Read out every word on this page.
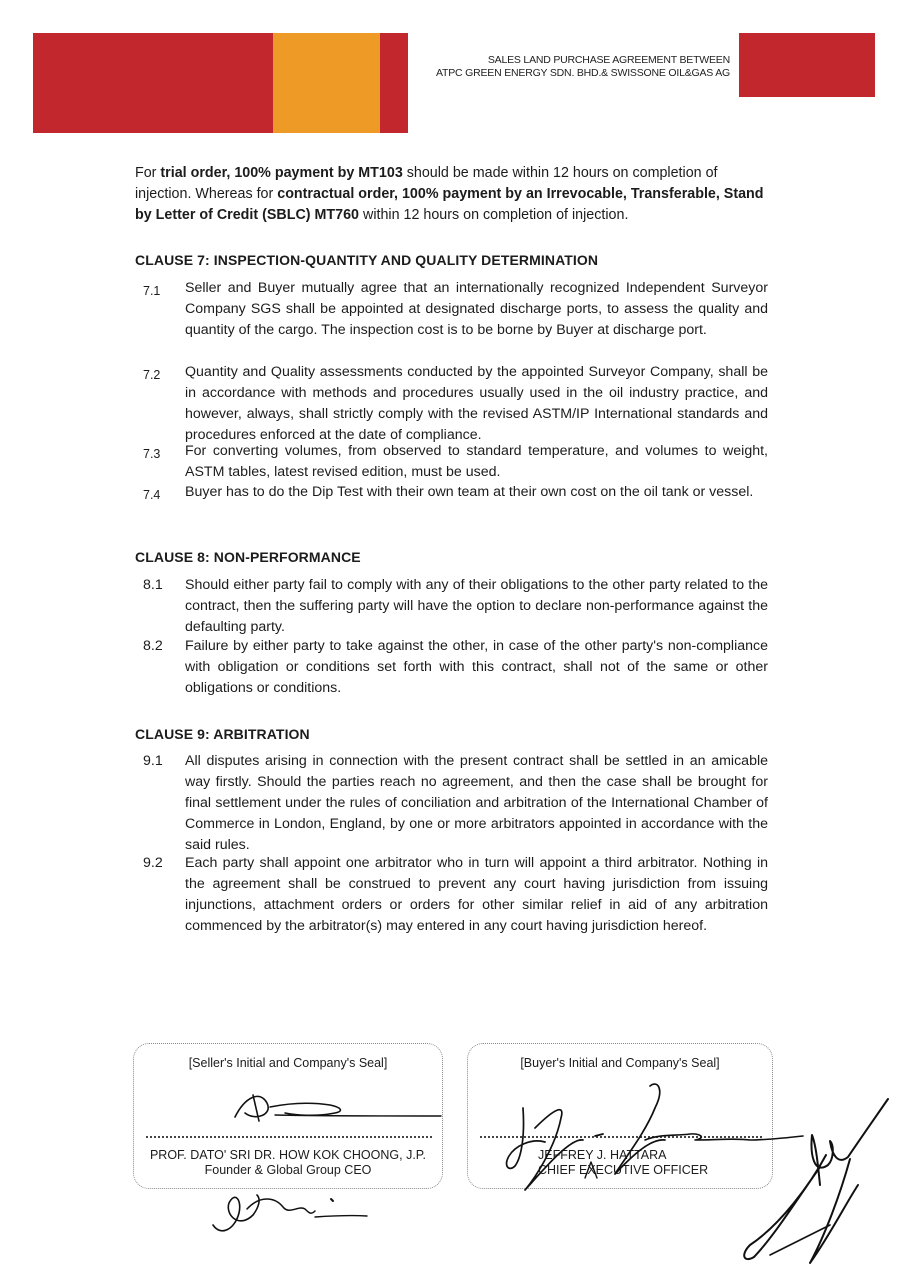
SALES LAND PURCHASE AGREEMENT BETWEEN
ATPC GREEN ENERGY SDN. BHD.& SWISSONE OIL&GAS AG
For trial order, 100% payment by MT103 should be made within 12 hours on completion of injection. Whereas for contractual order, 100% payment by an Irrevocable, Transferable, Stand by Letter of Credit (SBLC) MT760 within 12 hours on completion of injection.
CLAUSE 7: INSPECTION-QUANTITY AND QUALITY DETERMINATION
7.1 Seller and Buyer mutually agree that an internationally recognized Independent Surveyor Company SGS shall be appointed at designated discharge ports, to assess the quality and quantity of the cargo. The inspection cost is to be borne by Buyer at discharge port.
7.2 Quantity and Quality assessments conducted by the appointed Surveyor Company, shall be in accordance with methods and procedures usually used in the oil industry practice, and however, always, shall strictly comply with the revised ASTM/IP International standards and procedures enforced at the date of compliance.
7.3 For converting volumes, from observed to standard temperature, and volumes to weight, ASTM tables, latest revised edition, must be used.
7.4 Buyer has to do the Dip Test with their own team at their own cost on the oil tank or vessel.
CLAUSE 8: NON-PERFORMANCE
8.1 Should either party fail to comply with any of their obligations to the other party related to the contract, then the suffering party will have the option to declare non-performance against the defaulting party.
8.2 Failure by either party to take against the other, in case of the other party's non-compliance with obligation or conditions set forth with this contract, shall not of the same or other obligations or conditions.
CLAUSE 9: ARBITRATION
9.1 All disputes arising in connection with the present contract shall be settled in an amicable way firstly. Should the parties reach no agreement, and then the case shall be brought for final settlement under the rules of conciliation and arbitration of the International Chamber of Commerce in London, England, by one or more arbitrators appointed in accordance with the said rules.
9.2 Each party shall appoint one arbitrator who in turn will appoint a third arbitrator. Nothing in the agreement shall be construed to prevent any court having jurisdiction from issuing injunctions, attachment orders or orders for other similar relief in aid of any arbitration commenced by the arbitrator(s) may entered in any court having jurisdiction hereof.
[Seller's Initial and Company's Seal]
PROF. DATO' SRI DR. HOW KOK CHOONG, J.P.
Founder & Global Group CEO
[Buyer's Initial and Company's Seal]
JEFFREY J. HATTARA
CHIEF EXECUTIVE OFFICER
